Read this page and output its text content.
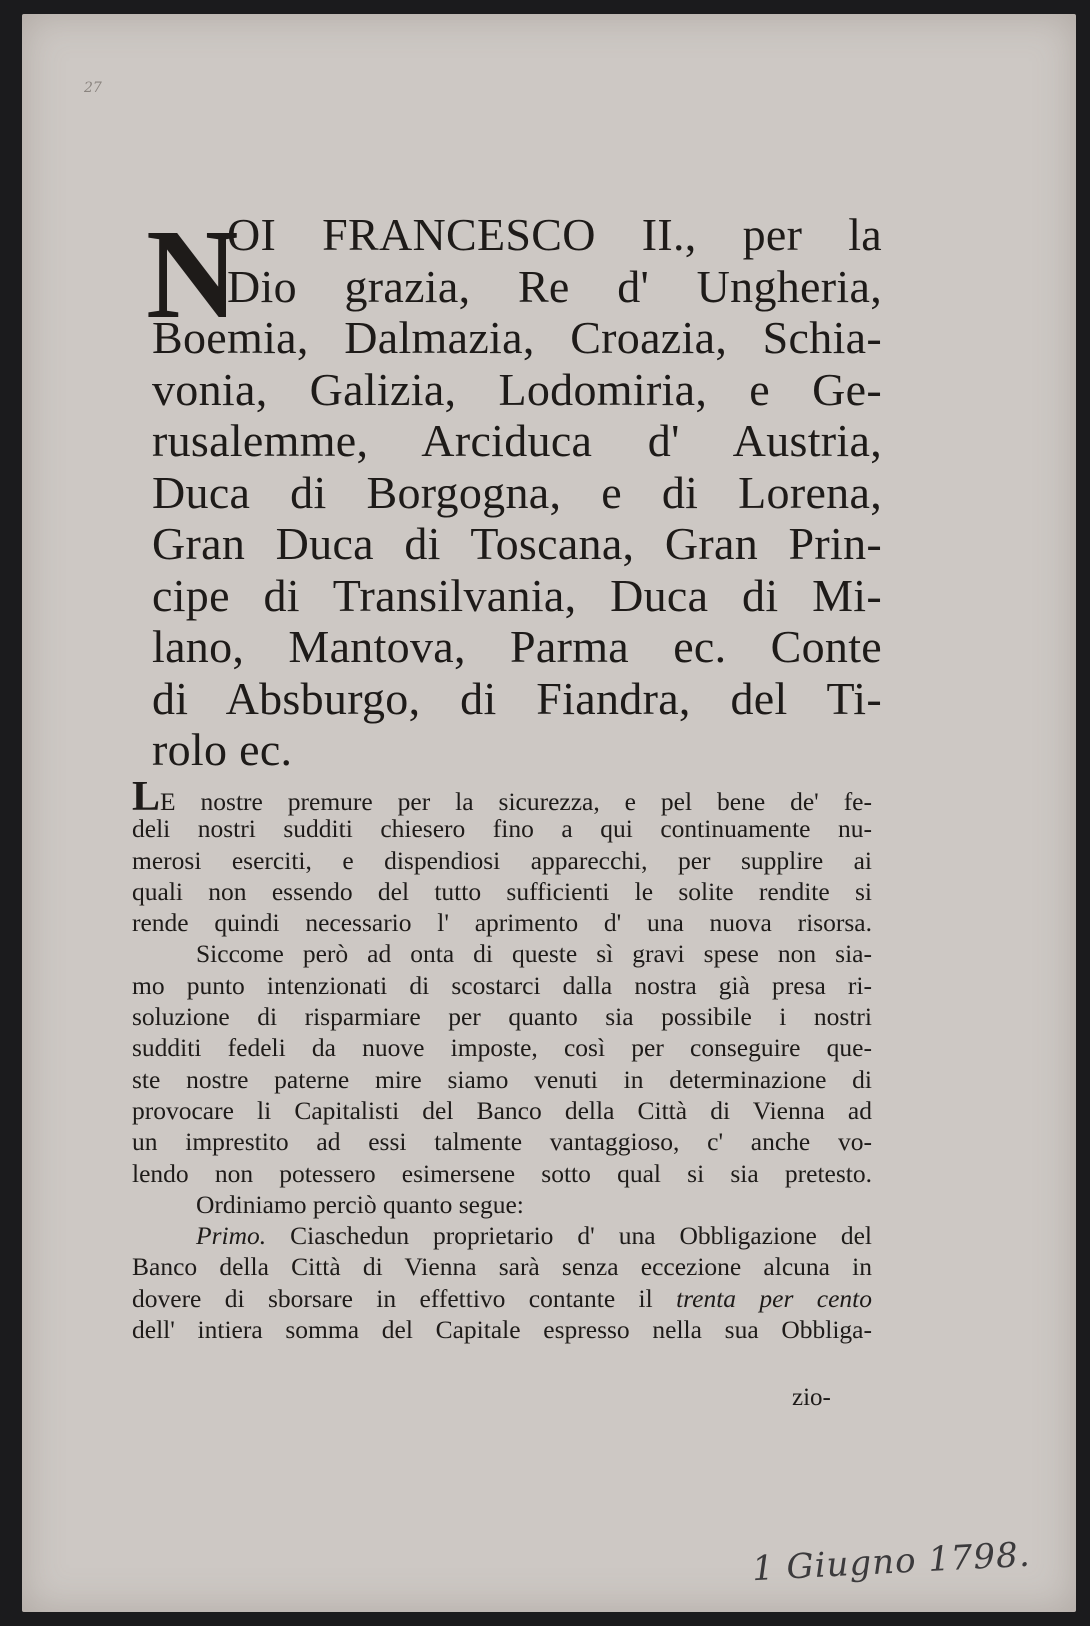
27
N
OI FRANCESCO II., per la
Dio grazia, Re d' Ungheria,
Boemia, Dalmazia, Croazia, Schia-
vonia, Galizia, Lodomiria, e Ge-
rusalemme, Arciduca d' Austria,
Duca di Borgogna, e di Lorena,
Gran Duca di Toscana, Gran Prin-
cipe di Transilvania, Duca di Mi-
lano, Mantova, Parma ec. Conte
di Absburgo, di Fiandra, del Ti-
rolo ec.
LE nostre premure per la sicurezza, e pel bene de' fe-
deli nostri sudditi chiesero fino a qui continuamente nu-
merosi eserciti, e dispendiosi apparecchi, per supplire ai
quali non essendo del tutto sufficienti le solite rendite si
rende quindi necessario l' aprimento d' una nuova risorsa.
Siccome però ad onta di queste sì gravi spese non sia-
mo punto intenzionati di scostarci dalla nostra già presa ri-
soluzione di risparmiare per quanto sia possibile i nostri
sudditi fedeli da nuove imposte, così per conseguire que-
ste nostre paterne mire siamo venuti in determinazione di
provocare li Capitalisti del Banco della Città di Vienna ad
un imprestito ad essi talmente vantaggioso, c' anche vo-
lendo non potessero esimersene sotto qual si sia pretesto.
Ordiniamo perciò quanto segue:
Primo. Ciaschedun proprietario d' una Obbligazione del
Banco della Città di Vienna sarà senza eccezione alcuna in
dovere di sborsare in effettivo contante il trenta per cento
dell' intiera somma del Capitale espresso nella sua Obbliga-
zio-
1 Giugno 1798.
